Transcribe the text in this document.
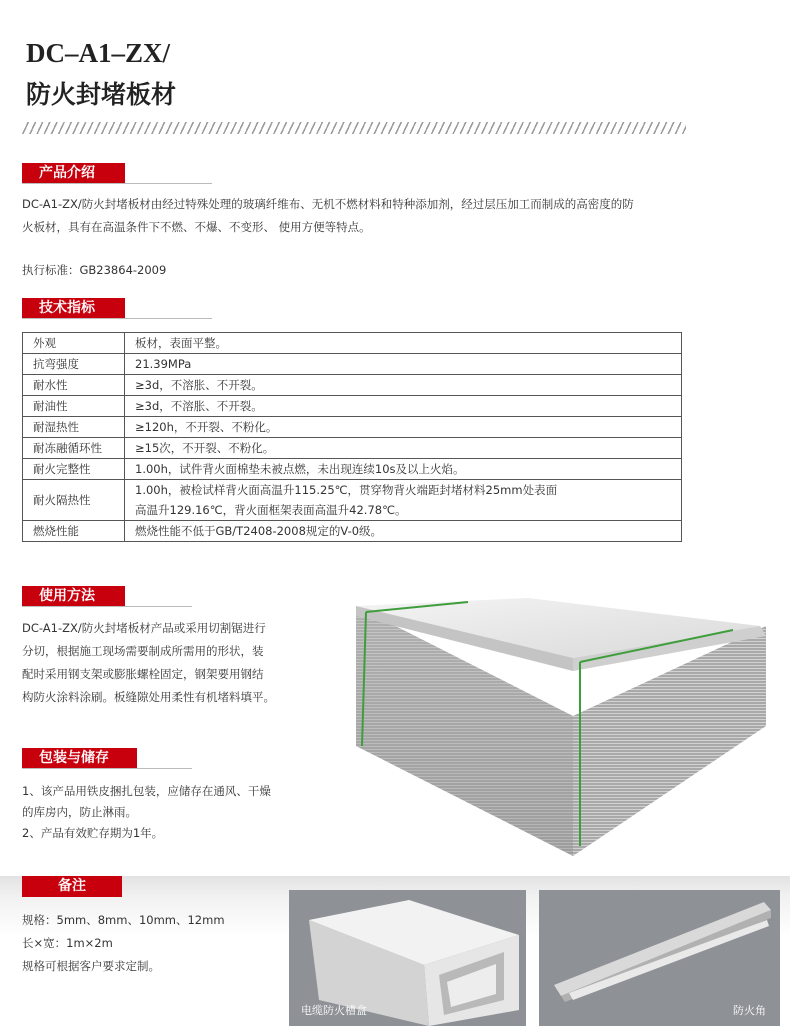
DC–A1–ZX/
防火封堵板材
产品介绍

DC-A1-ZX/防火封堵板材由经过特殊处理的玻璃纤维布、无机不燃材料和特种添加剂，经过层压加工而制成的高密度的防

火板材，具有在高温条件下不燃、不爆、不变形、 使用方便等特点。

执行标准：GB23864-2009

技术指标
外观	板材，表面平整。
抗弯强度	21.39MPa
耐水性	≥3d，不溶胀、不开裂。
耐油性	≥3d，不溶胀、不开裂。
耐湿热性	≥120h，不开裂、不粉化。
耐冻融循环性	≥15次，不开裂、不粉化。
耐火完整性	1.00h，试件背火面棉垫未被点燃，未出现连续10s及以上火焰。
耐火隔热性	1.00h，被检试样背火面高温升115.25℃，贯穿物背火端距封堵材料25mm处表面
高温升129.16℃，背火面框架表面高温升42.78℃。

燃烧性能	燃烧性能不低于GB/T2408-2008规定的V-0级。
使用方法

DC-A1-ZX/防火封堵板材产品或采用切割锯进行

分切，根据施工现场需要制成所需用的形状，装

配时采用钢支架或膨胀螺栓固定，钢架要用钢结

构防火涂料涂刷。板缝隙处用柔性有机堵料填平。

包装与储存

1、该产品用铁皮捆扎包装，应储存在通风、干燥

的库房内，防止淋雨。

2、产品有效贮存期为1年。

备注

规格：5mm、8mm、10mm、12mm

长×宽：1m×2m

规格可根据客户要求定制。

电缆防火槽盒	防火角
